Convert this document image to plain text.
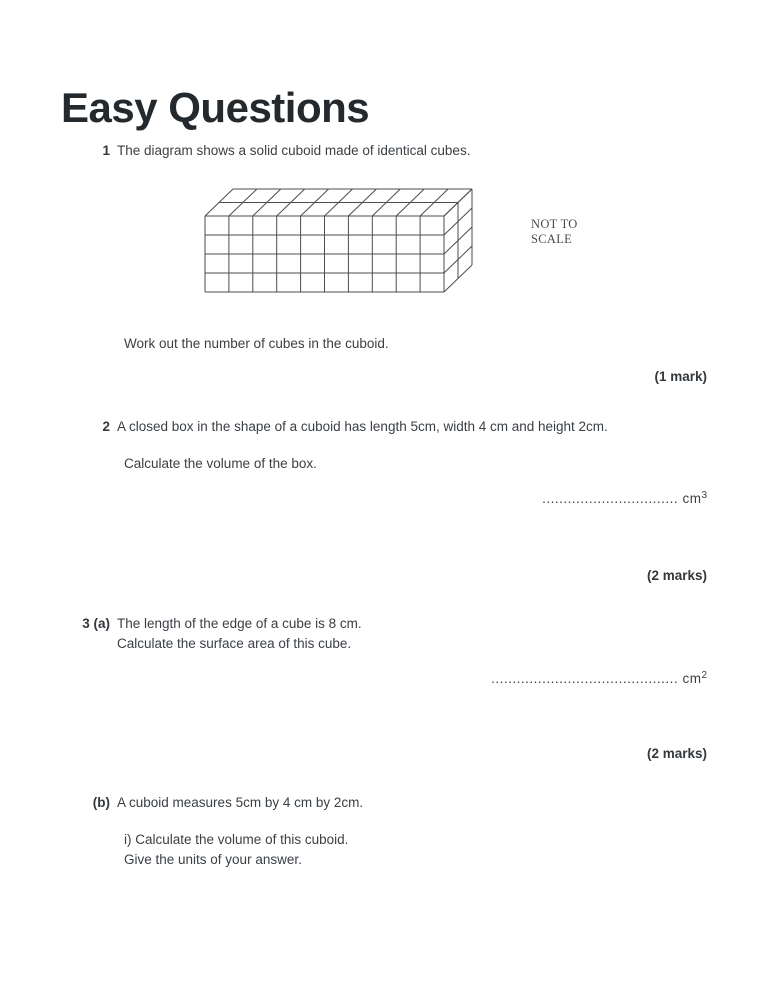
Easy Questions
1 The diagram shows a solid cuboid made of identical cubes.
NOT TO
SCALE
Work out the number of cubes in the cuboid.
(1 mark)
2 A closed box in the shape of a cuboid has length 5cm, width 4 cm and height 2cm.
Calculate the volume of the box.
................................ $cm^3$
(2 marks)
3 (a) The length of the edge of a cube is 8 cm.
Calculate the surface area of this cube.
............................................ $cm^2$
(2 marks)
(b) A cuboid measures 5cm by 4 cm by 2cm.
i) Calculate the volume of this cuboid.
Give the units of your answer.
